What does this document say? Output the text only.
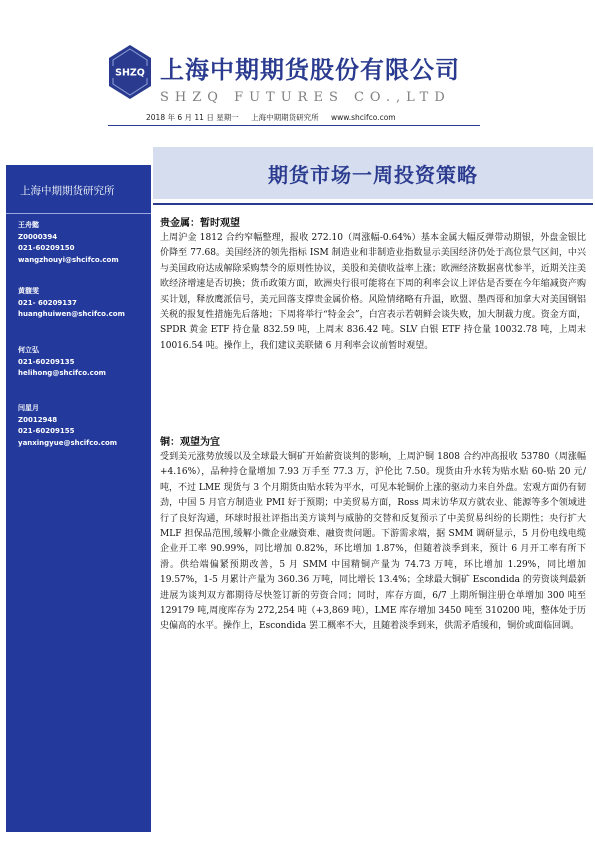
SHZQ 上海中期期货股份有限公司
SHZQ FUTURES CO.,LTD
2018 年 6 月 11 日 星期一 上海中期期货研究所 www.shcifco.com
期货市场一周投资策略
上海中期期货研究所
王舟懿
Z0000394
021-60209150
wangzhouyi@shcifco.com
黄馥雯
021- 60209137
huanghuiwen@shcifco.com
何立弘
021-60209135
helihong@shcifco.com
闫星月
Z0012948
021-60209155
yanxingyue@shcifco.com
贵金属：暂时观望

上周沪金 1812 合约窄幅整理，报收 272.10（周涨幅-0.64%）基本金属大幅反弹带动期银，外盘金银比价降至 77.68。美国经济的领先指标 ISM 制造业和非制造业指数显示美国经济仍处于高位景气区间，中兴与美国政府达成解除采购禁令的原则性协议，美股和美债收益率上涨；欧洲经济数据喜忧参半，近期关注美欧经济增速是否切换；货币政策方面，欧洲央行很可能将在下周的利率会议上评估是否要在今年缩减资产购买计划，释放鹰派信号，美元回落支撑贵金属价格。风险情绪略有升温，欧盟、墨西哥和加拿大对美国钢铝关税的报复性措施先后落地；下周将举行“特金会”，白宫表示若朝鲜会谈失败，加大制裁力度。资金方面，SPDR 黄金 ETF 持仓量 832.59 吨，上周末 836.42 吨。SLV 白银 ETF 持仓量 10032.78 吨，上周末 10016.54 吨。操作上，我们建议美联储 6 月利率会议前暂时观望。

铜：观望为宜

受到美元涨势放缓以及全球最大铜矿开始薪资谈判的影响，上周沪铜 1808 合约冲高报收 53780（周涨幅+4.16%），品种持仓量增加 7.93 万手至 77.3 万，沪伦比 7.50。现货由升水转为贴水贴 60-贴 20 元/吨，不过 LME 现货与 3 个月期货由贴水转为平水，可见本轮铜价上涨的驱动力来自外盘。宏观方面仍有韧劲，中国 5 月官方制造业 PMI 好于预期；中美贸易方面，Ross 周末访华双方就农业、能源等多个领域进行了良好沟通，环球时报社评指出美方谈判与威胁的交替和反复预示了中美贸易纠纷的长期性；央行扩大 MLF 担保品范围,缓解小微企业融资难、融资贵问题。下游需求端，据 SMM 调研显示，5 月份电线电缆企业开工率 90.99%，同比增加 0.82%，环比增加 1.87%，但随着淡季到来，预计 6 月开工率有所下滑。供给端偏紧预期改善，5 月 SMM 中国精铜产量为 74.73 万吨，环比增加 1.29%，同比增加 19.57%，1-5 月累计产量为 360.36 万吨，同比增长 13.4%；全球最大铜矿 Escondida 的劳资谈判最新进展为谈判双方都期待尽快签订新的劳资合同；同时，库存方面，6/7 上期所铜注册仓单增加 300 吨至 129179 吨,周度库存为 272,254 吨（+3,869 吨），LME 库存增加 3450 吨至 310200 吨，整体处于历史偏高的水平。操作上，Escondida 罢工概率不大，且随着淡季到来，供需矛盾缓和，铜价或面临回调。
